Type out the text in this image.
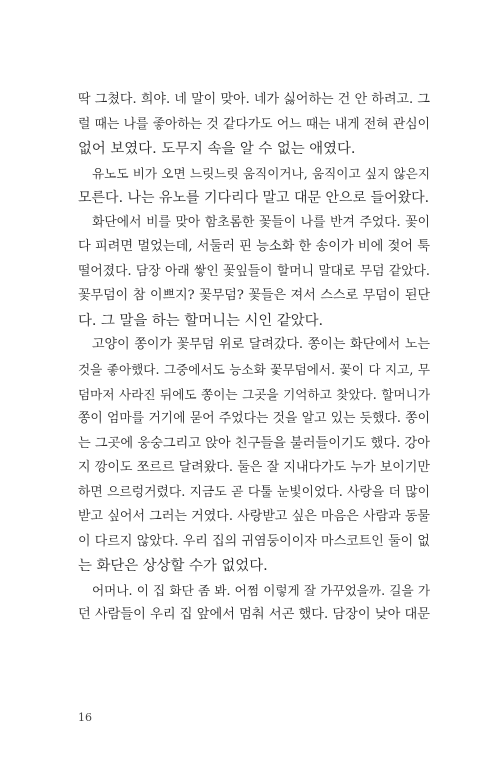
딱 그쳤다. 희야. 네 말이 맞아. 네가 싫어하는 건 안 하려고. 그
럴 때는 나를 좋아하는 것 같다가도 어느 때는 내게 전혀 관심이
없어 보였다. 도무지 속을 알 수 없는 애였다.
유노도 비가 오면 느릿느릿 움직이거나, 움직이고 싶지 않은지
모른다. 나는 유노를 기다리다 말고 대문 안으로 들어왔다.
화단에서 비를 맞아 함초롬한 꽃들이 나를 반겨 주었다. 꽃이
다 피려면 멀었는데, 서둘러 핀 능소화 한 송이가 비에 젖어 툭
떨어졌다. 담장 아래 쌓인 꽃잎들이 할머니 말대로 무덤 같았다.
꽃무덤이 참 이쁘지? 꽃무덤? 꽃들은 져서 스스로 무덤이 된단
다. 그 말을 하는 할머니는 시인 같았다.
고양이 쫑이가 꽃무덤 위로 달려갔다. 쫑이는 화단에서 노는
것을 좋아했다. 그중에서도 능소화 꽃무덤에서. 꽃이 다 지고, 무
덤마저 사라진 뒤에도 쫑이는 그곳을 기억하고 찾았다. 할머니가
쫑이 엄마를 거기에 묻어 주었다는 것을 알고 있는 듯했다. 쫑이
는 그곳에 웅숭그리고 앉아 친구들을 불러들이기도 했다. 강아
지 깡이도 쪼르르 달려왔다. 둘은 잘 지내다가도 누가 보이기만
하면 으르렁거렸다. 지금도 곧 다툴 눈빛이었다. 사랑을 더 많이
받고 싶어서 그러는 거였다. 사랑받고 싶은 마음은 사람과 동물
이 다르지 않았다. 우리 집의 귀염둥이이자 마스코트인 둘이 없
는 화단은 상상할 수가 없었다.
어머나. 이 집 화단 좀 봐. 어쩜 이렇게 잘 가꾸었을까. 길을 가
던 사람들이 우리 집 앞에서 멈춰 서곤 했다. 담장이 낮아 대문
16
